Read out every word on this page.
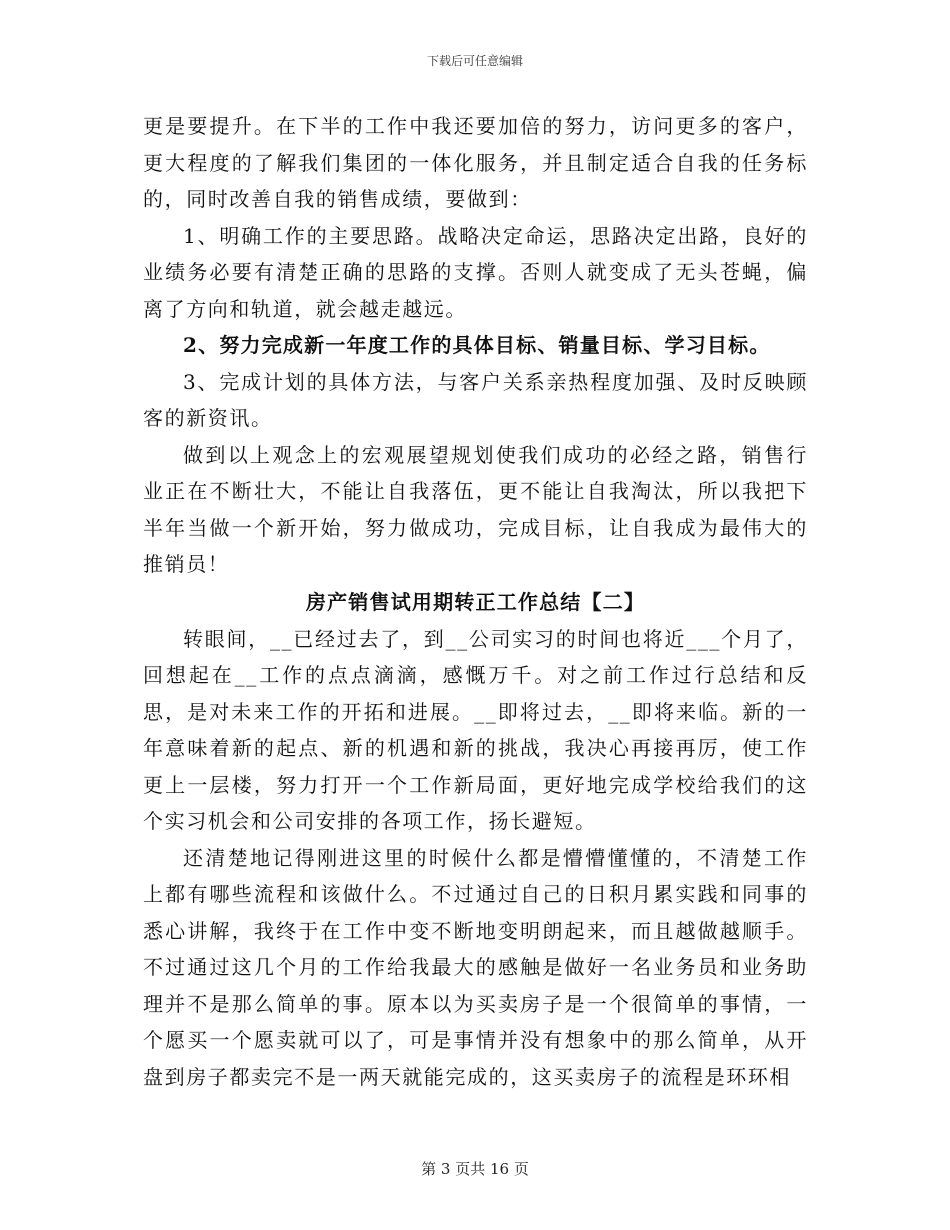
下载后可任意编辑

更是要提升。在下半的工作中我还要加倍的努力，访问更多的客户，更大程度的了解我们集团的一体化服务，并且制定适合自我的任务标的，同时改善自我的销售成绩，要做到：

1、明确工作的主要思路。战略决定命运，思路决定出路，良好的业绩务必要有清楚正确的思路的支撑。否则人就变成了无头苍蝇，偏离了方向和轨道，就会越走越远。

2、努力完成新一年度工作的具体目标、销量目标、学习目标。

3、完成计划的具体方法，与客户关系亲热程度加强、及时反映顾客的新资讯。

做到以上观念上的宏观展望规划使我们成功的必经之路，销售行业正在不断壮大，不能让自我落伍，更不能让自我淘汰，所以我把下半年当做一个新开始，努力做成功，完成目标，让自我成为最伟大的推销员！

房产销售试用期转正工作总结【二】

转眼间，__已经过去了，到__公司实习的时间也将近___个月了，回想起在__工作的点点滴滴，感慨万千。对之前工作过行总结和反思，是对未来工作的开拓和进展。__即将过去，__即将来临。新的一年意味着新的起点、新的机遇和新的挑战，我决心再接再厉，使工作更上一层楼，努力打开一个工作新局面，更好地完成学校给我们的这个实习机会和公司安排的各项工作，扬长避短。

还清楚地记得刚进这里的时候什么都是懵懵懂懂的，不清楚工作上都有哪些流程和该做什么。不过通过自己的日积月累实践和同事的悉心讲解，我终于在工作中变不断地变明朗起来，而且越做越顺手。不过通过这几个月的工作给我最大的感触是做好一名业务员和业务助理并不是那么简单的事。原本以为买卖房子是一个很简单的事情，一个愿买一个愿卖就可以了，可是事情并没有想象中的那么简单，从开盘到房子都卖完不是一两天就能完成的，这买卖房子的流程是环环相

第 3 页共 16 页
